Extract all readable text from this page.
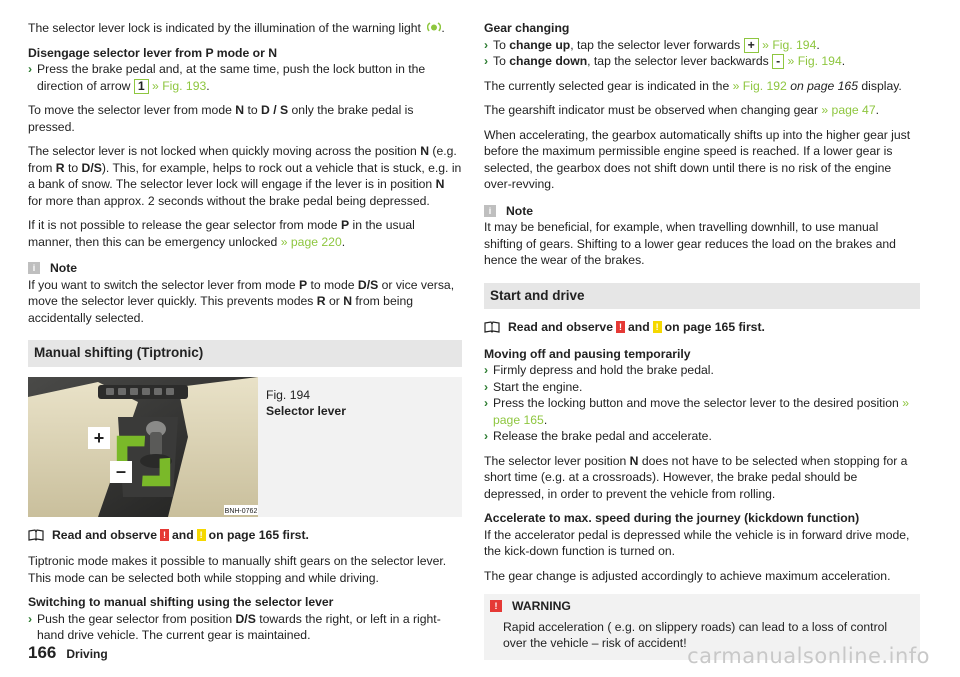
The selector lever lock is indicated by the illumination of the warning light .

Disengage selector lever from P mode or N

› Press the brake pedal and, at the same time, push the lock button in the direction of arrow 1 » Fig. 193.

To move the selector lever from mode N to D / S only the brake pedal is pressed.

The selector lever is not locked when quickly moving across the position N (e.g. from R to D/S). This, for example, helps to rock out a vehicle that is stuck, e.g. in a bank of snow. The selector lever lock will engage if the lever is in position N for more than approx. 2 seconds without the brake pedal being depressed.

If it is not possible to release the gear selector from mode P in the usual manner, then this can be emergency unlocked » page 220.

i	Note

If you want to switch the selector lever from mode P to mode D/S or vice versa, move the selector lever quickly. This prevents modes R or N from being accidentally selected.

Manual shifting (Tiptronic)
+
–
BNH-0762
Fig. 194
Selector lever
Read and observe ! and ! on page 165 first.

Tiptronic mode makes it possible to manually shift gears on the selector lever. This mode can be selected both while stopping and while driving.

Switching to manual shifting using the selector lever

› Push the gear selector from position D/S towards the right, or left in a right-hand drive vehicle. The current gear is maintained.

Gear changing

› To change up, tap the selector lever forwards + » Fig. 194.
› To change down, tap the selector lever backwards - » Fig. 194.

The currently selected gear is indicated in the » Fig. 192 on page 165 display.

The gearshift indicator must be observed when changing gear » page 47.

When accelerating, the gearbox automatically shifts up into the higher gear just before the maximum permissible engine speed is reached. If a lower gear is selected, the gearbox does not shift down until there is no risk of the engine over-revving.

i	Note

It may be beneficial, for example, when travelling downhill, to use manual shifting of gears. Shifting to a lower gear reduces the load on the brakes and hence the wear of the brakes.

Start and drive
Read and observe ! and ! on page 165 first.

Moving off and pausing temporarily

› Firmly depress and hold the brake pedal.
› Start the engine.
› Press the locking button and move the selector lever to the desired position » page 165.
› Release the brake pedal and accelerate.

The selector lever position N does not have to be selected when stopping for a short time (e.g. at a crossroads). However, the brake pedal should be depressed, in order to prevent the vehicle from rolling.

Accelerate to max. speed during the journey (kickdown function)

If the accelerator pedal is depressed while the vehicle is in forward drive mode, the kick-down function is turned on.

The gear change is adjusted accordingly to achieve maximum acceleration.

!	WARNING
Rapid acceleration ( e.g. on slippery roads) can lead to a loss of control over the vehicle – risk of accident!
166 Driving	carmanualsonline.info
